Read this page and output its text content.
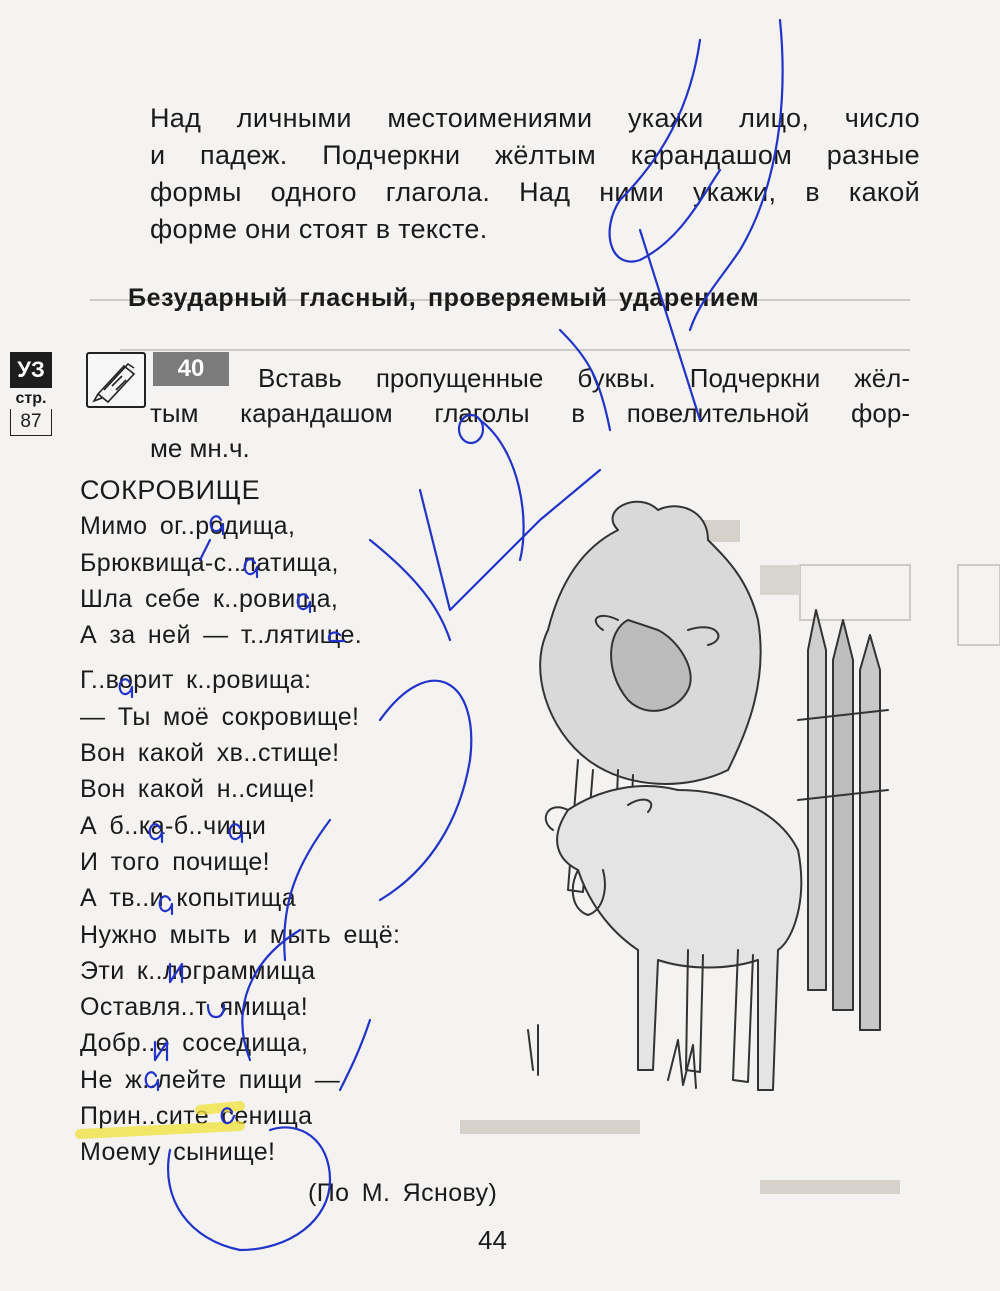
Над личными местоимениями укажи лицо, число
и падеж. Подчеркни жёлтым карандашом разные
формы одного глагола. Над ними укажи, в какой
форме они стоят в тексте.
Безударный гласный, проверяемый ударением
УЗ
стр.
87
40	Вставь пропущенные буквы. Подчеркни жёл-
тым карандашом глаголы в повелительной фор-
ме мн.ч.
СОКРОВИЩЕ
Мимо ог..родища,
Брюквища-с..латища,
Шла себе к..ровища,
А за ней — т..лятище.
Г..ворит к..ровища:
— Ты моё сокровище!
Вон какой хв..стище!
Вон какой н..сище!
А б..ка-б..чищи
И того почище!
А тв..и копытища
Нужно мыть и мыть ещё:
Эти к..лограммища
Оставля..т ямища!
Добр..е соседища,
Не ж..лейте пищи —
Прин..сите сенища
Моему сынище!
(По М. Яснову)
44
